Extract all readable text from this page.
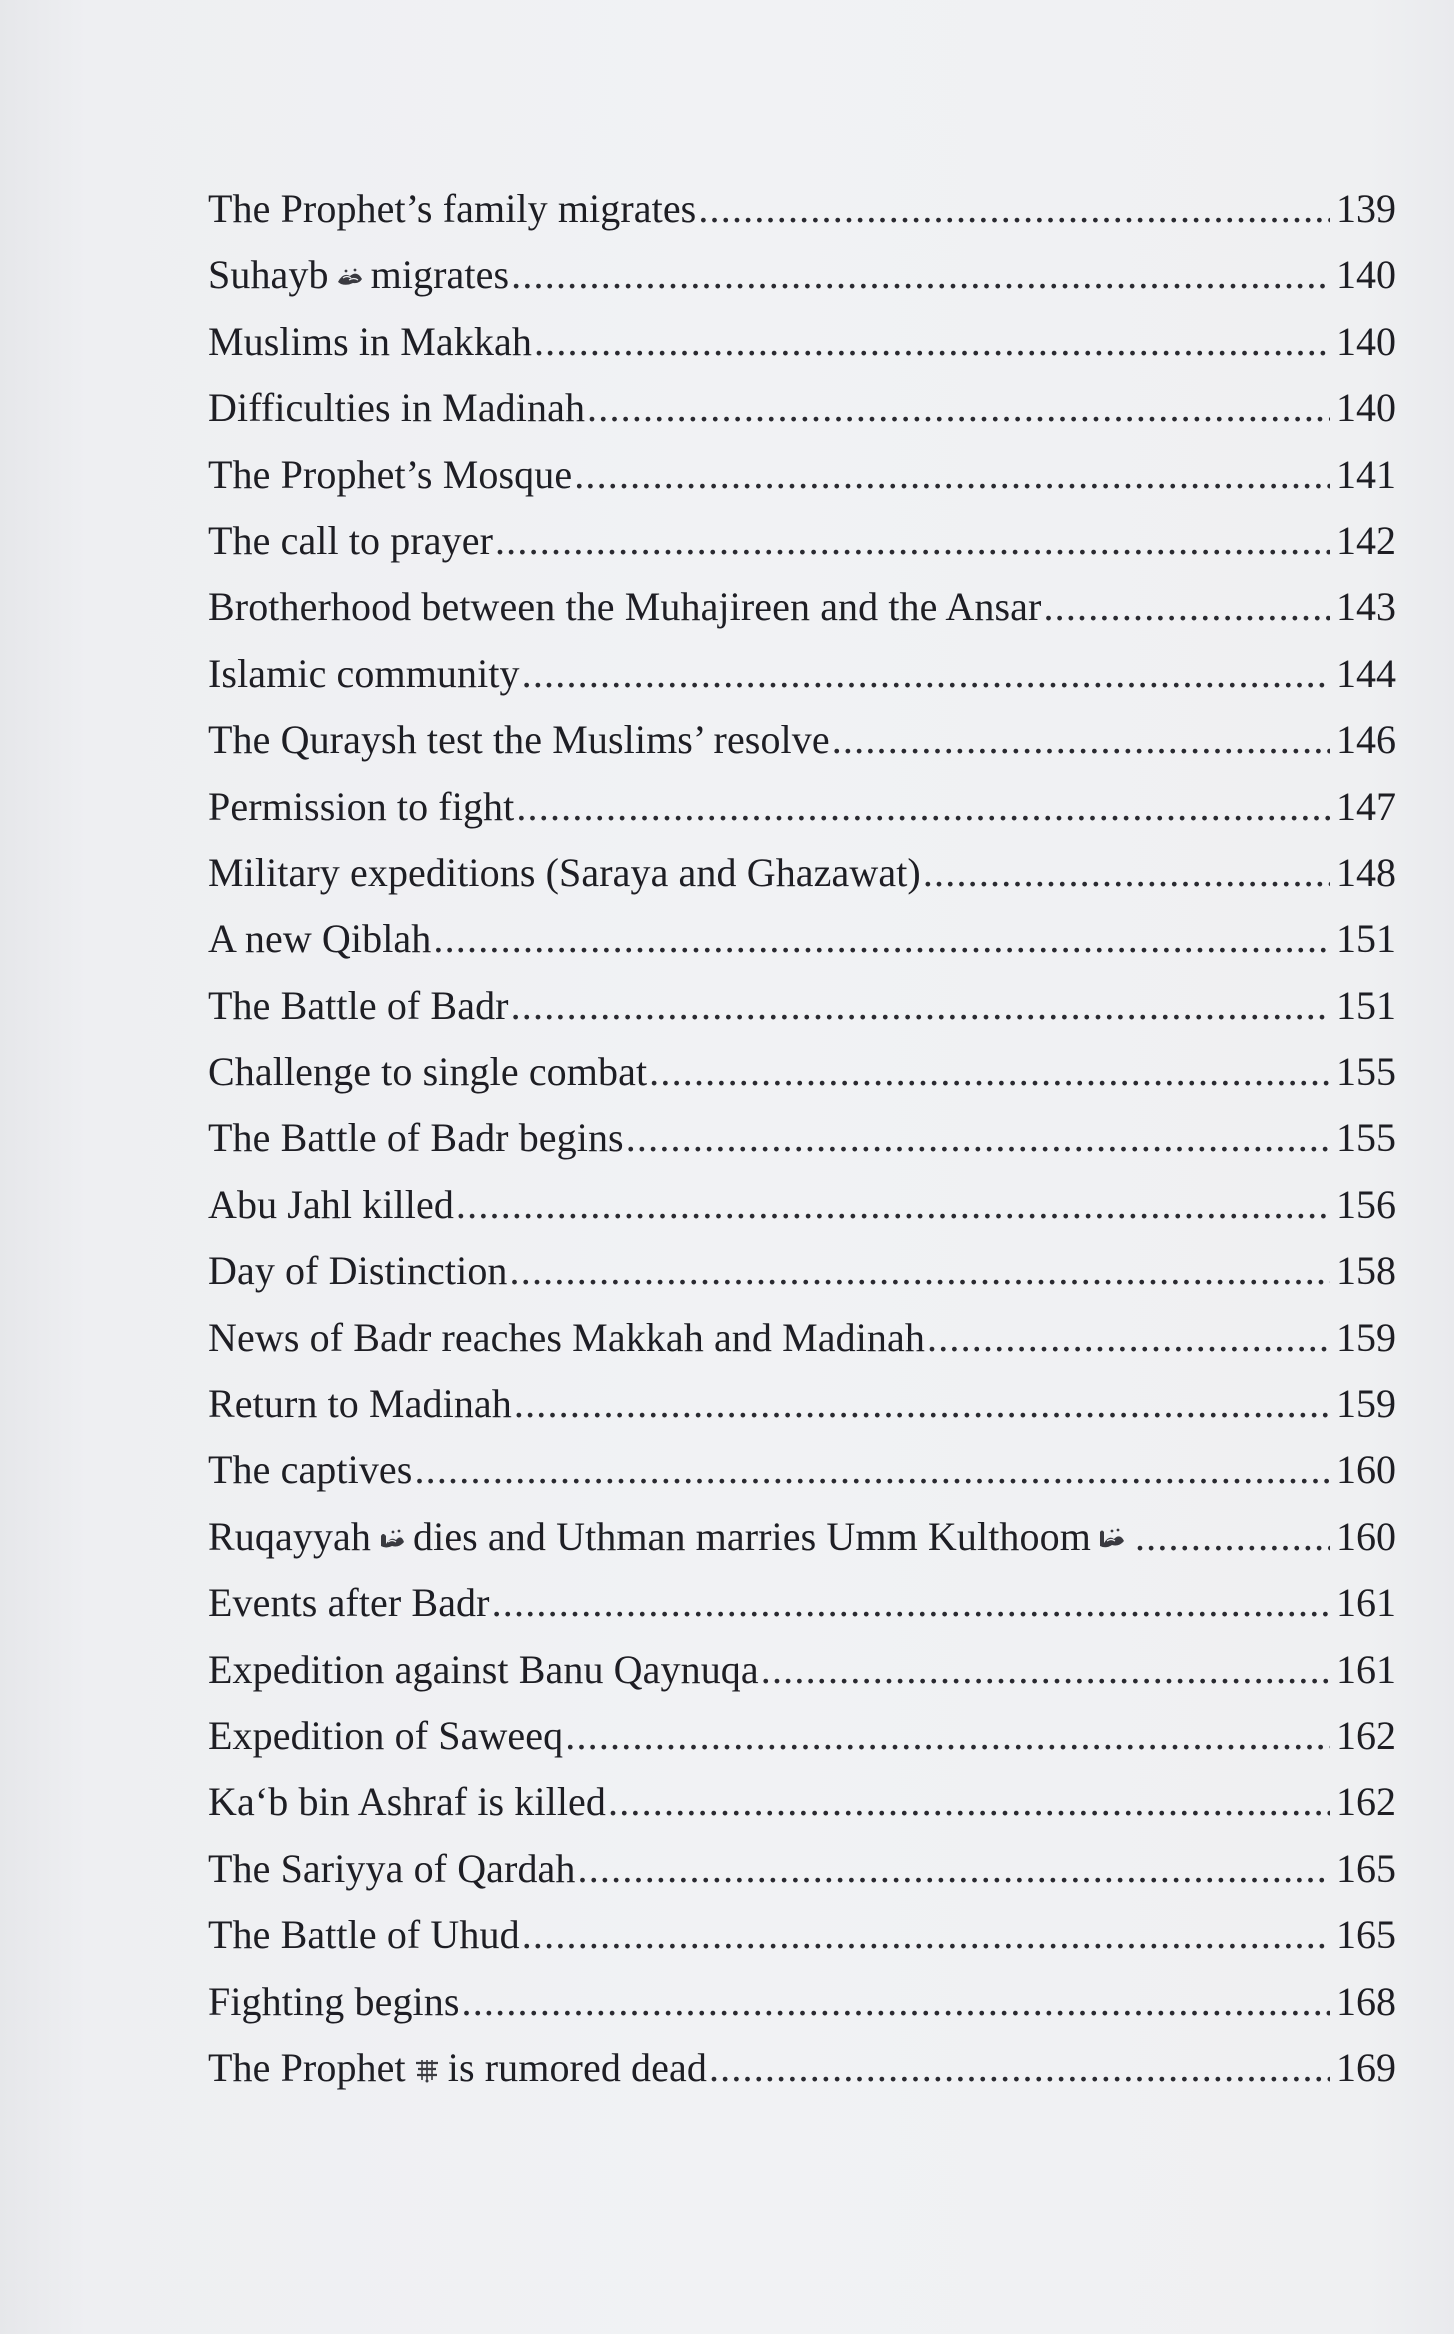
The Prophet’s family migrates .....	139
Suhayb migrates .....	140
Muslims in Makkah .....	140
Difficulties in Madinah .....	140
The Prophet’s Mosque .....	141
The call to prayer .....	142
Brotherhood between the Muhajireen and the Ansar .....	143
Islamic community .....	144
The Quraysh test the Muslims’ resolve .....	146
Permission to fight .....	147
Military expeditions (Saraya and Ghazawat) .....	148
A new Qiblah .....	151
The Battle of Badr .....	151
Challenge to single combat .....	155
The Battle of Badr begins .....	155
Abu Jahl killed .....	156
Day of Distinction .....	158
News of Badr reaches Makkah and Madinah .....	159
Return to Madinah .....	159
The captives .....	160
Ruqayyah dies and Uthman marries Umm Kulthoom .....	160
Events after Badr .....	161
Expedition against Banu Qaynuqa .....	161
Expedition of Saweeq .....	162
Ka‘b bin Ashraf is killed .....	162
The Sariyya of Qardah .....	165
The Battle of Uhud .....	165
Fighting begins .....	168
The Prophet is rumored dead .....	169
